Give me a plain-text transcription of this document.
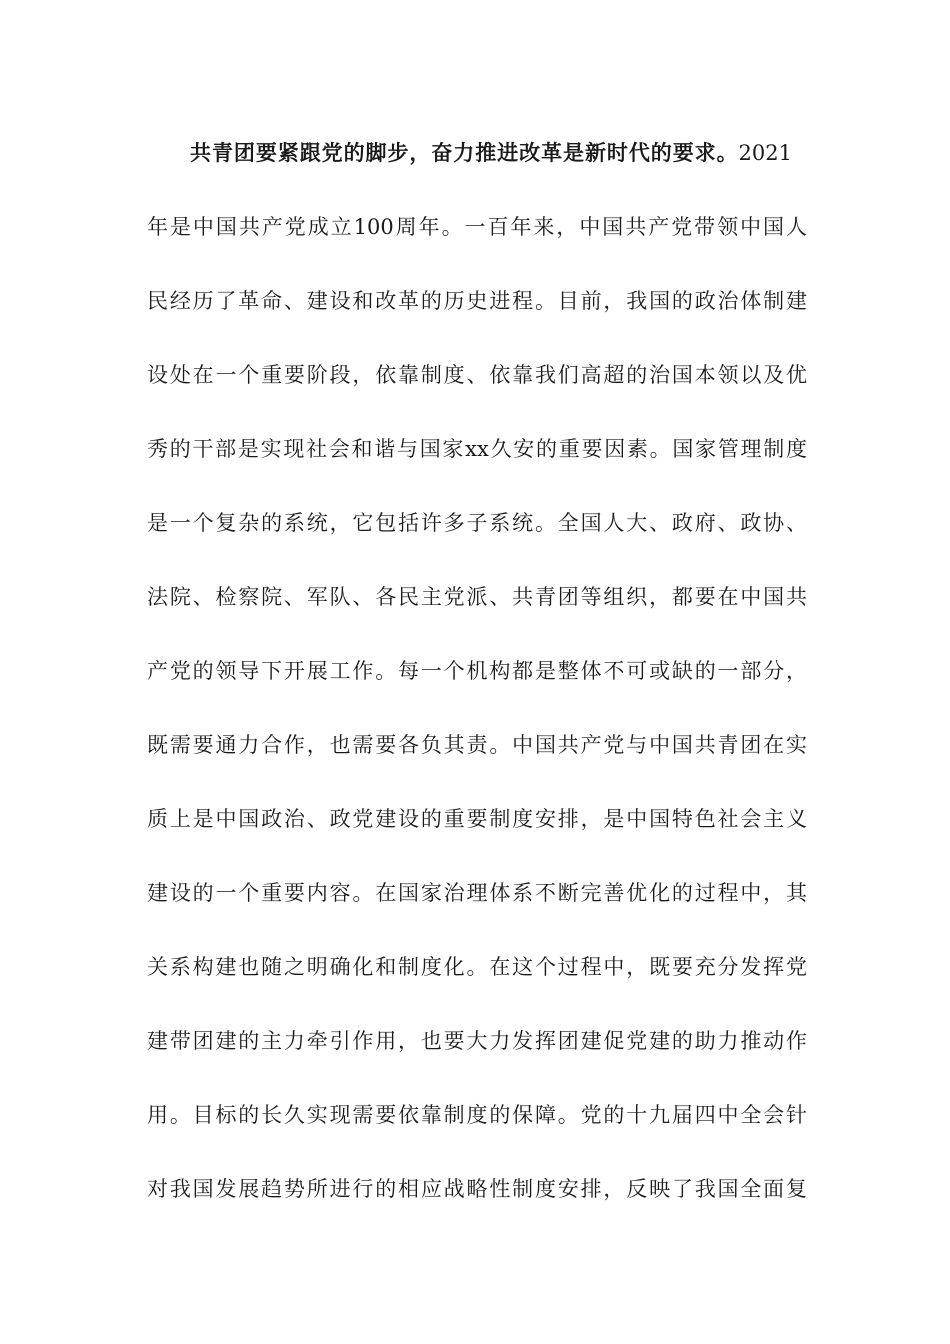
共青团要紧跟党的脚步，奋力推进改革是新时代的要求。2021
年是中国共产党成立100周年。一百年来，中国共产党带领中国人
民经历了革命、建设和改革的历史进程。目前，我国的政治体制建
设处在一个重要阶段，依靠制度、依靠我们高超的治国本领以及优
秀的干部是实现社会和谐与国家xx久安的重要因素。国家管理制度
是一个复杂的系统，它包括许多子系统。全国人大、政府、政协、
法院、检察院、军队、各民主党派、共青团等组织，都要在中国共
产党的领导下开展工作。每一个机构都是整体不可或缺的一部分，
既需要通力合作，也需要各负其责。中国共产党与中国共青团在实
质上是中国政治、政党建设的重要制度安排，是中国特色社会主义
建设的一个重要内容。在国家治理体系不断完善优化的过程中，其
关系构建也随之明确化和制度化。在这个过程中，既要充分发挥党
建带团建的主力牵引作用，也要大力发挥团建促党建的助力推动作
用。目标的长久实现需要依靠制度的保障。党的十九届四中全会针
对我国发展趋势所进行的相应战略性制度安排，反映了我国全面复
